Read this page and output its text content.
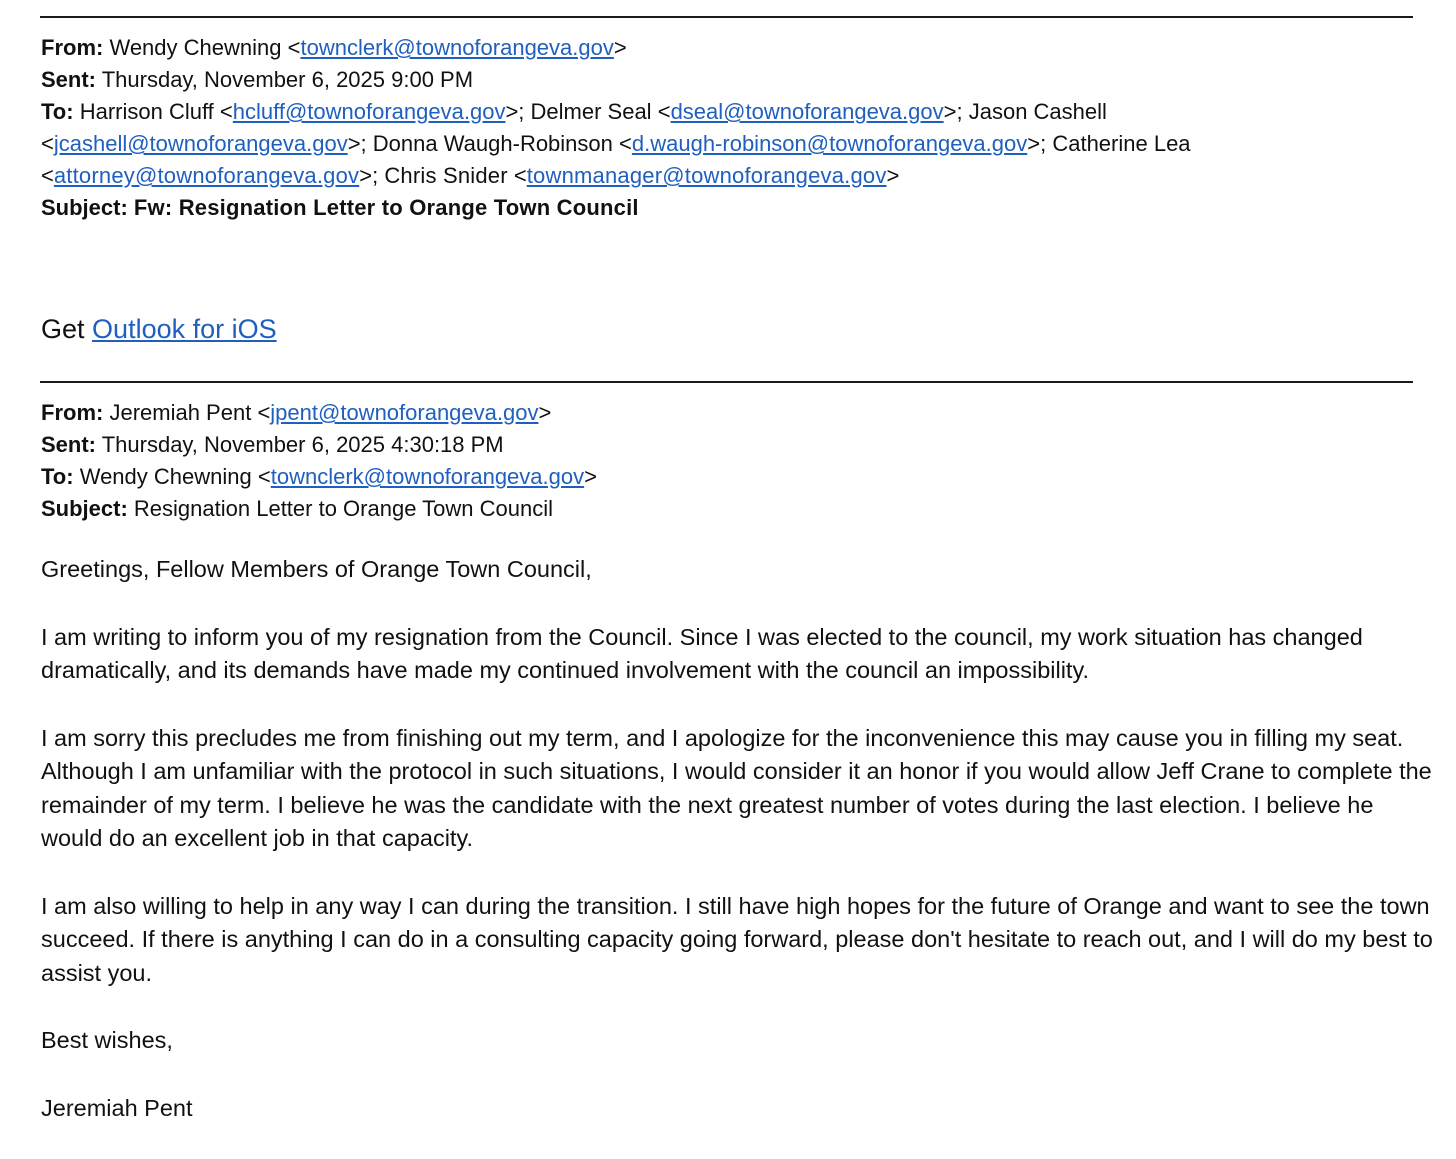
From: Wendy Chewning <townclerk@townoforangeva.gov>
Sent: Thursday, November 6, 2025 9:00 PM
To: Harrison Cluff <hcluff@townoforangeva.gov>; Delmer Seal <dseal@townoforangeva.gov>; Jason Cashell
<jcashell@townoforangeva.gov>; Donna Waugh-Robinson <d.waugh-robinson@townoforangeva.gov>; Catherine Lea
<attorney@townoforangeva.gov>; Chris Snider <townmanager@townoforangeva.gov>
Subject: Fw: Resignation Letter to Orange Town Council
Get Outlook for iOS
From: Jeremiah Pent <jpent@townoforangeva.gov>
Sent: Thursday, November 6, 2025 4:30:18 PM
To: Wendy Chewning <townclerk@townoforangeva.gov>
Subject: Resignation Letter to Orange Town Council

Greetings, Fellow Members of Orange Town Council,

I am writing to inform you of my resignation from the Council. Since I was elected to the council, my work situation has changed dramatically, and its demands have made my continued involvement with the council an impossibility.

I am sorry this precludes me from finishing out my term, and I apologize for the inconvenience this may cause you in filling my seat. Although I am unfamiliar with the protocol in such situations, I would consider it an honor if you would allow Jeff Crane to complete the remainder of my term. I believe he was the candidate with the next greatest number of votes during the last election. I believe he would do an excellent job in that capacity.

I am also willing to help in any way I can during the transition. I still have high hopes for the future of Orange and want to see the town succeed. If there is anything I can do in a consulting capacity going forward, please don't hesitate to reach out, and I will do my best to assist you.

Best wishes,

Jeremiah Pent
